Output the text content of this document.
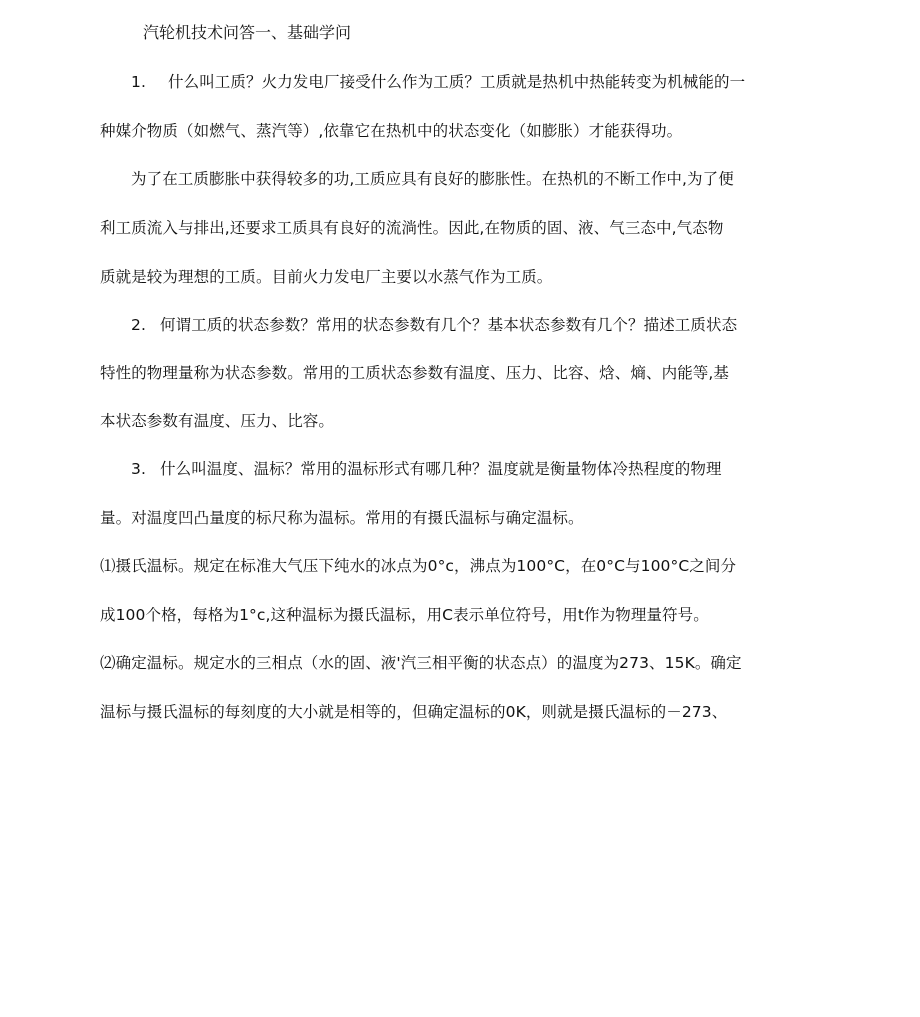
汽轮机技术问答一、基础学问
1. 什么叫工质？火力发电厂接受什么作为工质？工质就是热机中热能转变为机械能的一
种媒介物质（如燃气、蒸汽等）,依靠它在热机中的状态变化（如膨胀）才能获得功。
为了在工质膨胀中获得较多的功,工质应具有良好的膨胀性。在热机的不断工作中,为了便
利工质流入与排出,还要求工质具有良好的流淌性。因此,在物质的固、液、气三态中,气态物
质就是较为理想的工质。目前火力发电厂主要以水蒸气作为工质。
2. 何谓工质的状态参数？常用的状态参数有几个？基本状态参数有几个？描述工质状态
特性的物理量称为状态参数。常用的工质状态参数有温度、压力、比容、焓、熵、内能等,基
本状态参数有温度、压力、比容。
3. 什么叫温度、温标？常用的温标形式有哪几种？温度就是衡量物体冷热程度的物理
量。对温度凹凸量度的标尺称为温标。常用的有摄氏温标与确定温标。
⑴摄氏温标。规定在标准大气压下纯水的冰点为0°c，沸点为100°C，在0°C与100°C之间分
成100个格，每格为1°c,这种温标为摄氏温标，用C表示单位符号，用t作为物理量符号。
⑵确定温标。规定水的三相点（水的固、液'汽三相平衡的状态点）的温度为273、15K。确定
温标与摄氏温标的每刻度的大小就是相等的，但确定温标的0K，则就是摄氏温标的－273、
